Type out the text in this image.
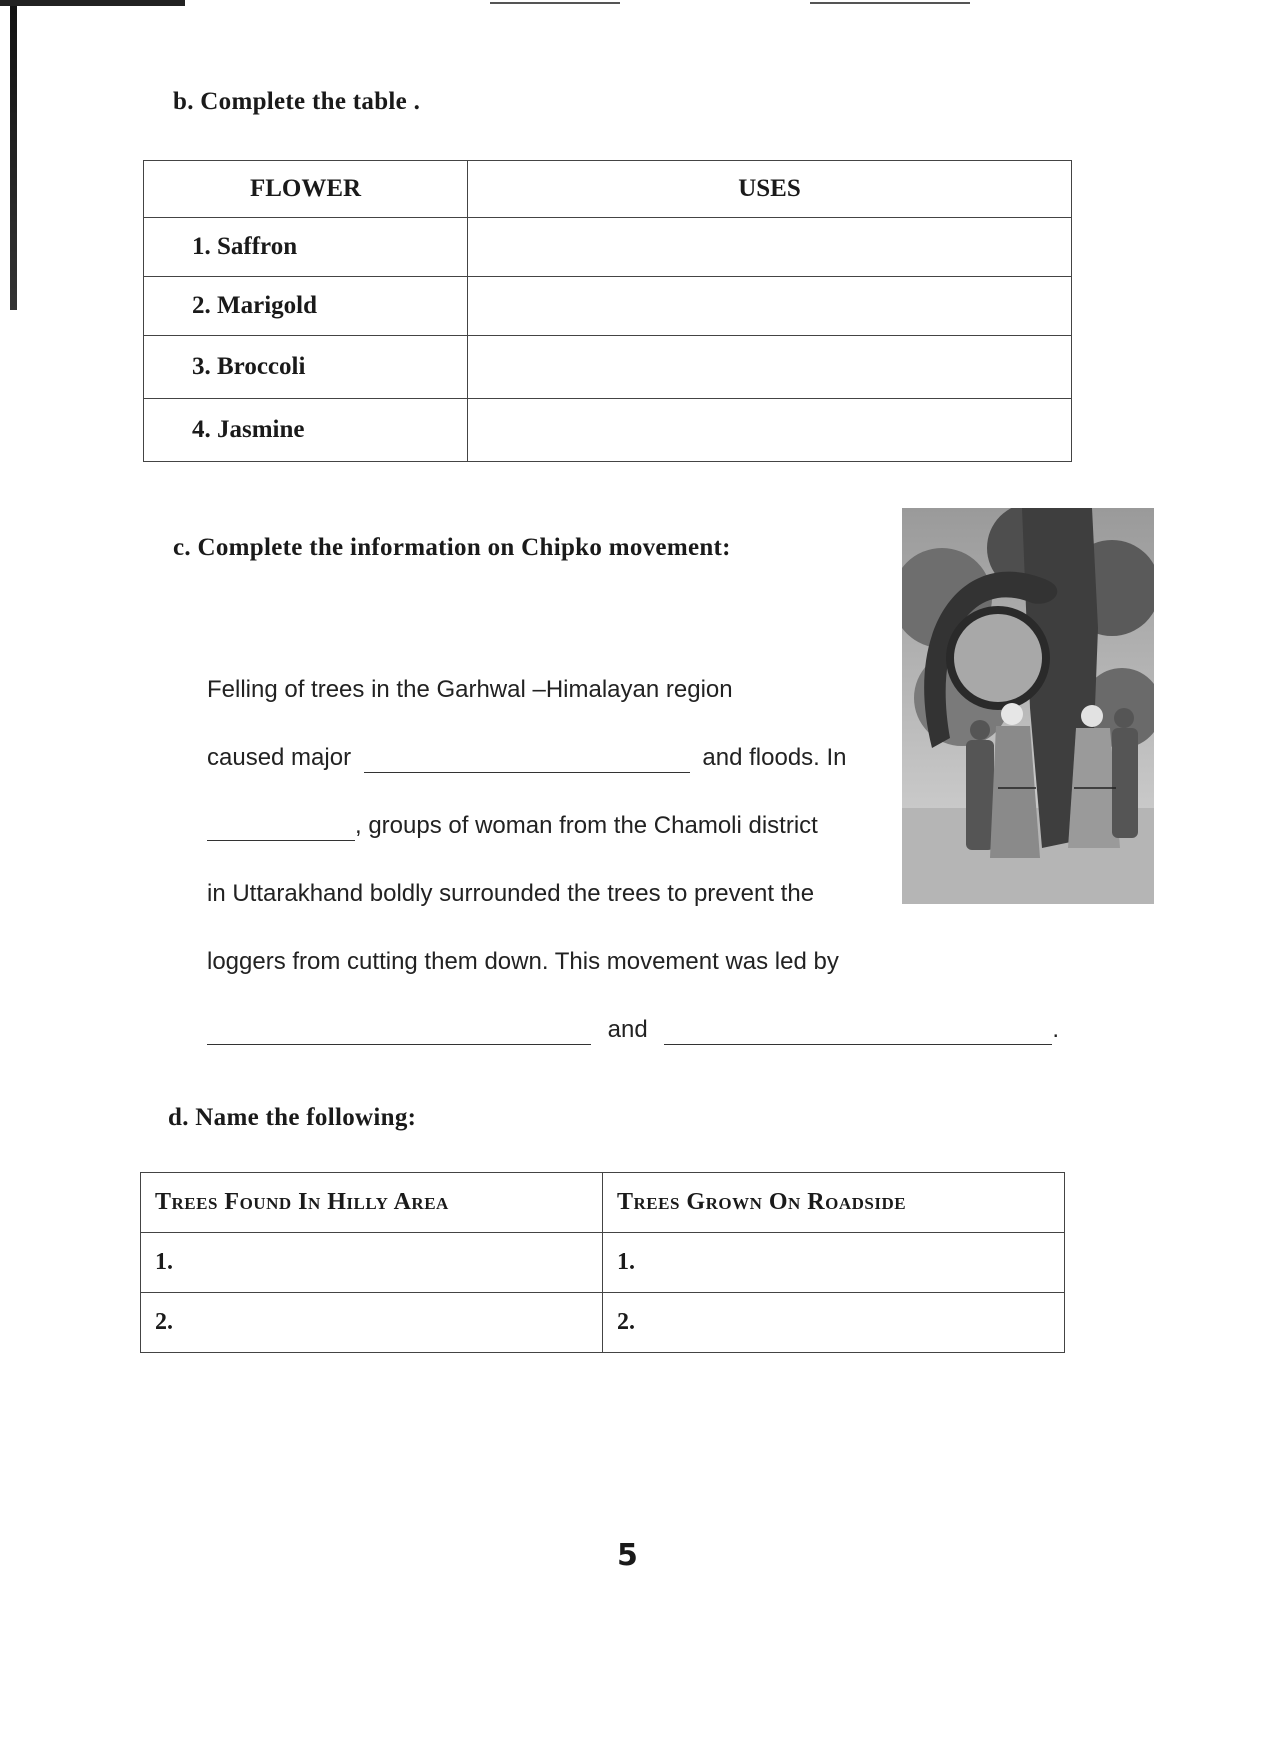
b. Complete the table .
FLOWER	USES
1. Saffron	
2. Marigold	
3. Broccoli	
4. Jasmine	
c. Complete the information on Chipko movement:
Felling of trees in the Garhwal –Himalayan region
caused major	and floods. In
, groups of woman from the Chamoli district
in Uttarakhand boldly surrounded the trees to prevent the
loggers from cutting them down. This movement was led by
and	.
d. Name the following:
Trees Found In Hilly Area	Trees Grown On Roadside
1.	1.
2.	2.
5
